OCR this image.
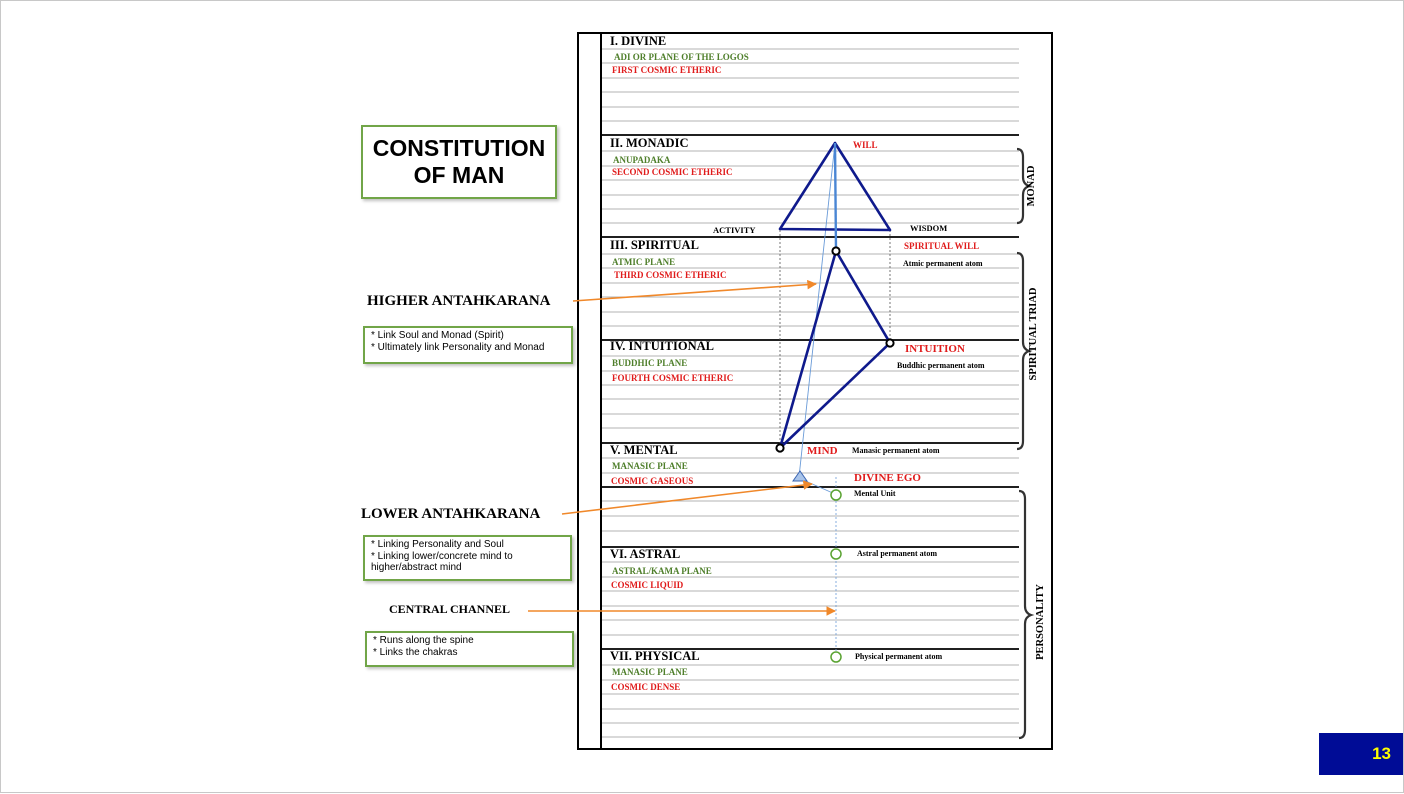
CONSTITUTION
OF MAN
HIGHER ANTAHKARANA
* Link Soul and Monad (Spirit)
* Ultimately link Personality and Monad
LOWER ANTAHKARANA
* Linking Personality and Soul
* Linking lower/concrete mind to
higher/abstract mind
CENTRAL CHANNEL
* Runs along the spine
* Links the chakras
I. DIVINE
ADI OR PLANE OF THE LOGOS
FIRST COSMIC ETHERIC
II. MONADIC
ANUPADAKA
SECOND COSMIC ETHERIC
III. SPIRITUAL
ATMIC PLANE
THIRD COSMIC ETHERIC
IV. INTUITIONAL
BUDDHIC PLANE
FOURTH COSMIC ETHERIC
V. MENTAL
MANASIC PLANE
COSMIC GASEOUS
VI. ASTRAL
ASTRAL/KAMA PLANE
COSMIC LIQUID
VII. PHYSICAL
MANASIC PLANE
COSMIC DENSE
WILL
ACTIVITY	WISDOM
SPIRITUAL WILL
Atmic permanent atom
INTUITION
Buddhic permanent atom
MIND Manasic permanent atom
DIVINE EGO
Mental Unit
Astral permanent atom
Physical permanent atom
MONAD
SPIRITUAL TRIAD
PERSONALITY
13
